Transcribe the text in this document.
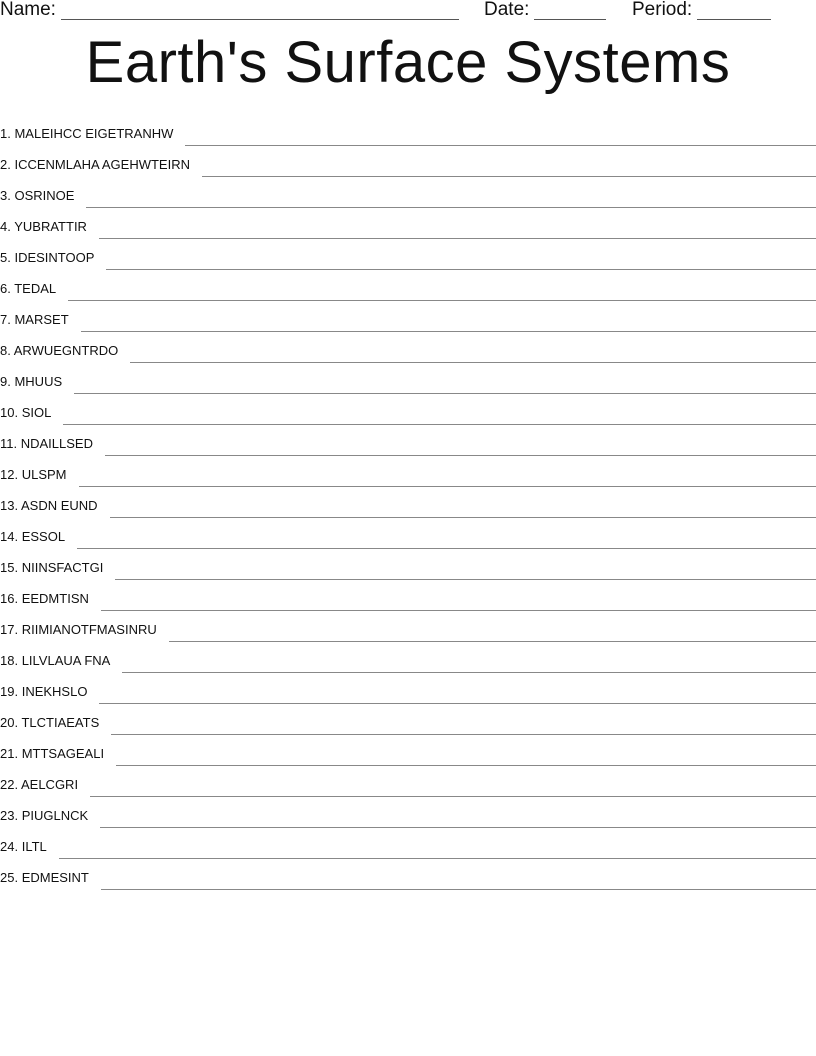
Name:	Date:	Period:
Earth's Surface Systems
1. MALEIHCC EIGETRANHW
2. ICCENMLAHA AGEHWTEIRN
3. OSRINOE
4. YUBRATTIR
5. IDESINTOOP
6. TEDAL
7. MARSET
8. ARWUEGNTRDO
9. MHUUS
10. SIOL
11. NDAILLSED
12. ULSPM
13. ASDN EUND
14. ESSOL
15. NIINSFACTGI
16. EEDMTISN
17. RIIMIANOTFMASINRU
18. LILVLAUA FNA
19. INEKHSLO
20. TLCTIAEATS
21. MTTSAGEALI
22. AELCGRI
23. PIUGLNCK
24. ILTL
25. EDMESINT
